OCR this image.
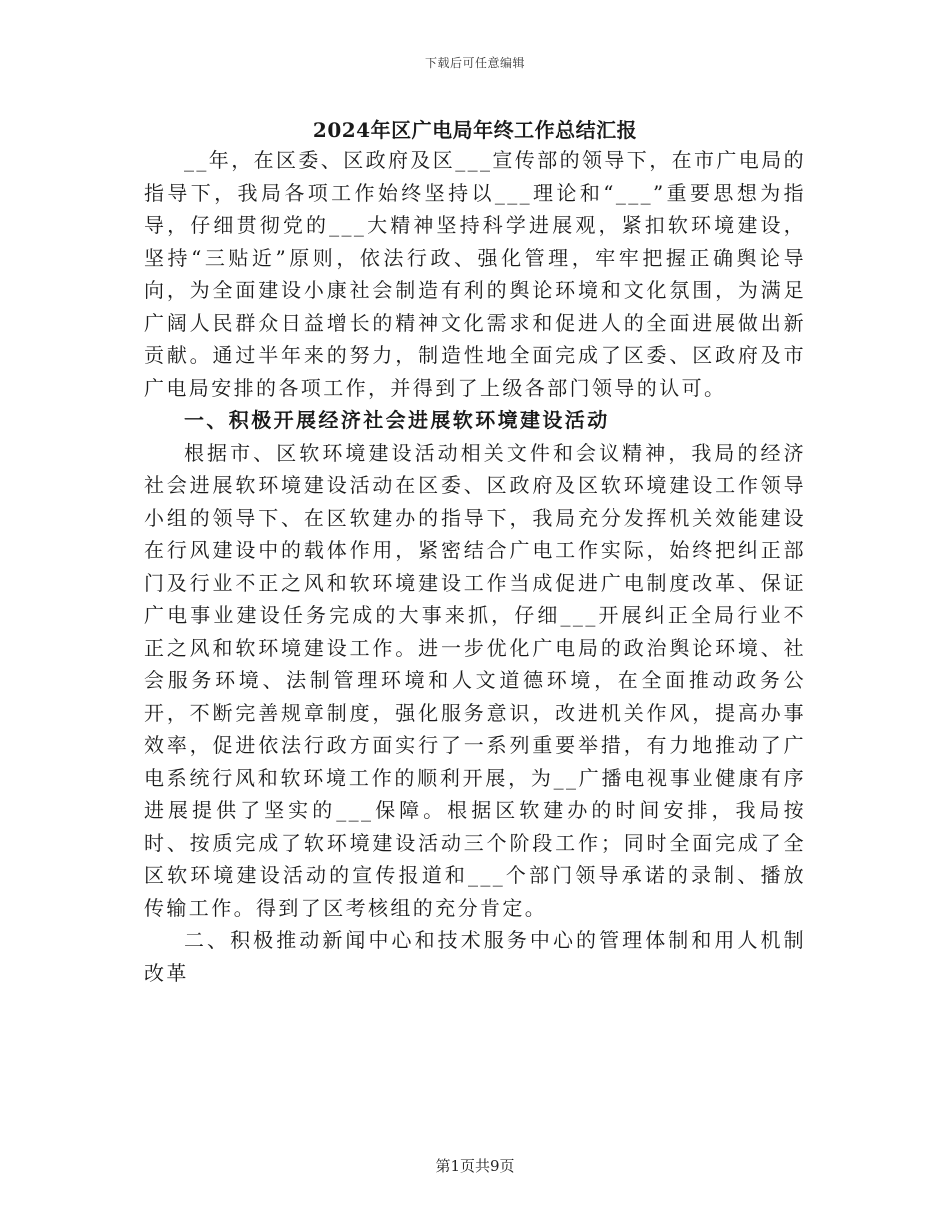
下载后可任意编辑
2024年区广电局年终工作总结汇报

__年，在区委、区政府及区___宣传部的领导下，在市广电局的指导下，我局各项工作始终坚持以___理论和“___”重要思想为指导，仔细贯彻党的___大精神坚持科学进展观，紧扣软环境建设，坚持“三贴近”原则，依法行政、强化管理，牢牢把握正确舆论导向，为全面建设小康社会制造有利的舆论环境和文化氛围，为满足广阔人民群众日益增长的精神文化需求和促进人的全面进展做出新贡献。通过半年来的努力，制造性地全面完成了区委、区政府及市广电局安排的各项工作，并得到了上级各部门领导的认可。

一、积极开展经济社会进展软环境建设活动

根据市、区软环境建设活动相关文件和会议精神，我局的经济社会进展软环境建设活动在区委、区政府及区软环境建设工作领导小组的领导下、在区软建办的指导下，我局充分发挥机关效能建设在行风建设中的载体作用，紧密结合广电工作实际，始终把纠正部门及行业不正之风和软环境建设工作当成促进广电制度改革、保证广电事业建设任务完成的大事来抓，仔细___开展纠正全局行业不正之风和软环境建设工作。进一步优化广电局的政治舆论环境、社会服务环境、法制管理环境和人文道德环境，在全面推动政务公开，不断完善规章制度，强化服务意识，改进机关作风，提高办事效率，促进依法行政方面实行了一系列重要举措，有力地推动了广电系统行风和软环境工作的顺利开展，为__广播电视事业健康有序进展提供了坚实的___保障。根据区软建办的时间安排，我局按时、按质完成了软环境建设活动三个阶段工作；同时全面完成了全区软环境建设活动的宣传报道和___个部门领导承诺的录制、播放传输工作。得到了区考核组的充分肯定。

二、积极推动新闻中心和技术服务中心的管理体制和用人机制改革

第1页共9页
